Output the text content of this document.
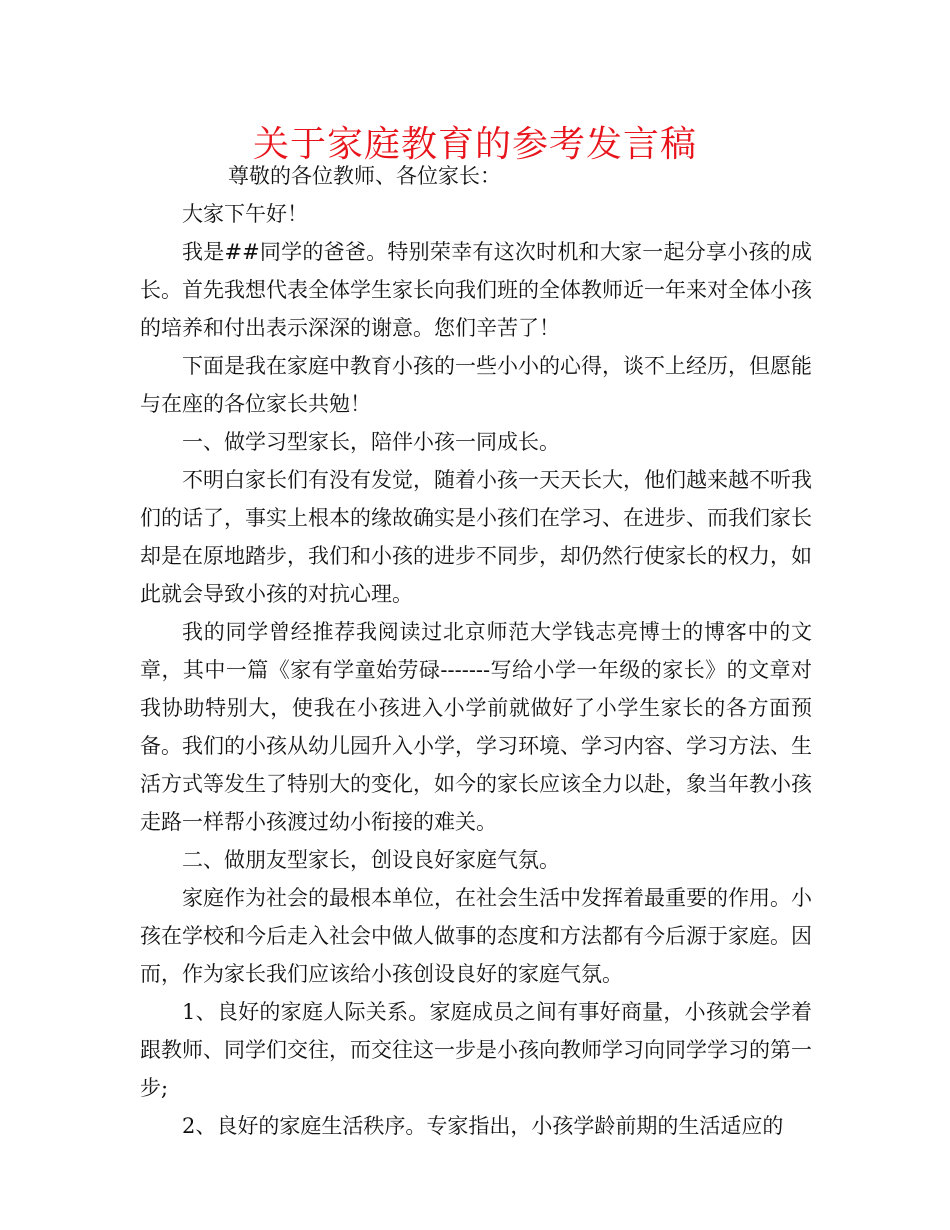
关于家庭教育的参考发言稿

尊敬的各位教师、各位家长：

大家下午好！

我是##同学的爸爸。特别荣幸有这次时机和大家一起分享小孩的成长。首先我想代表全体学生家长向我们班的全体教师近一年来对全体小孩的培养和付出表示深深的谢意。您们辛苦了！

下面是我在家庭中教育小孩的一些小小的心得，谈不上经历，但愿能与在座的各位家长共勉！

一、做学习型家长，陪伴小孩一同成长。

不明白家长们有没有发觉，随着小孩一天天长大，他们越来越不听我们的话了，事实上根本的缘故确实是小孩们在学习、在进步、而我们家长却是在原地踏步，我们和小孩的进步不同步，却仍然行使家长的权力，如此就会导致小孩的对抗心理。

我的同学曾经推荐我阅读过北京师范大学钱志亮博士的博客中的文章，其中一篇《家有学童始劳碌-------写给小学一年级的家长》的文章对我协助特别大，使我在小孩进入小学前就做好了小学生家长的各方面预备。我们的小孩从幼儿园升入小学，学习环境、学习内容、学习方法、生活方式等发生了特别大的变化，如今的家长应该全力以赴，象当年教小孩走路一样帮小孩渡过幼小衔接的难关。

二、做朋友型家长，创设良好家庭气氛。

家庭作为社会的最根本单位，在社会生活中发挥着最重要的作用。小孩在学校和今后走入社会中做人做事的态度和方法都有今后源于家庭。因而，作为家长我们应该给小孩创设良好的家庭气氛。

1、良好的家庭人际关系。家庭成员之间有事好商量，小孩就会学着跟教师、同学们交往，而交往这一步是小孩向教师学习向同学学习的第一步;

2、良好的家庭生活秩序。专家指出，小孩学龄前期的生活适应的
